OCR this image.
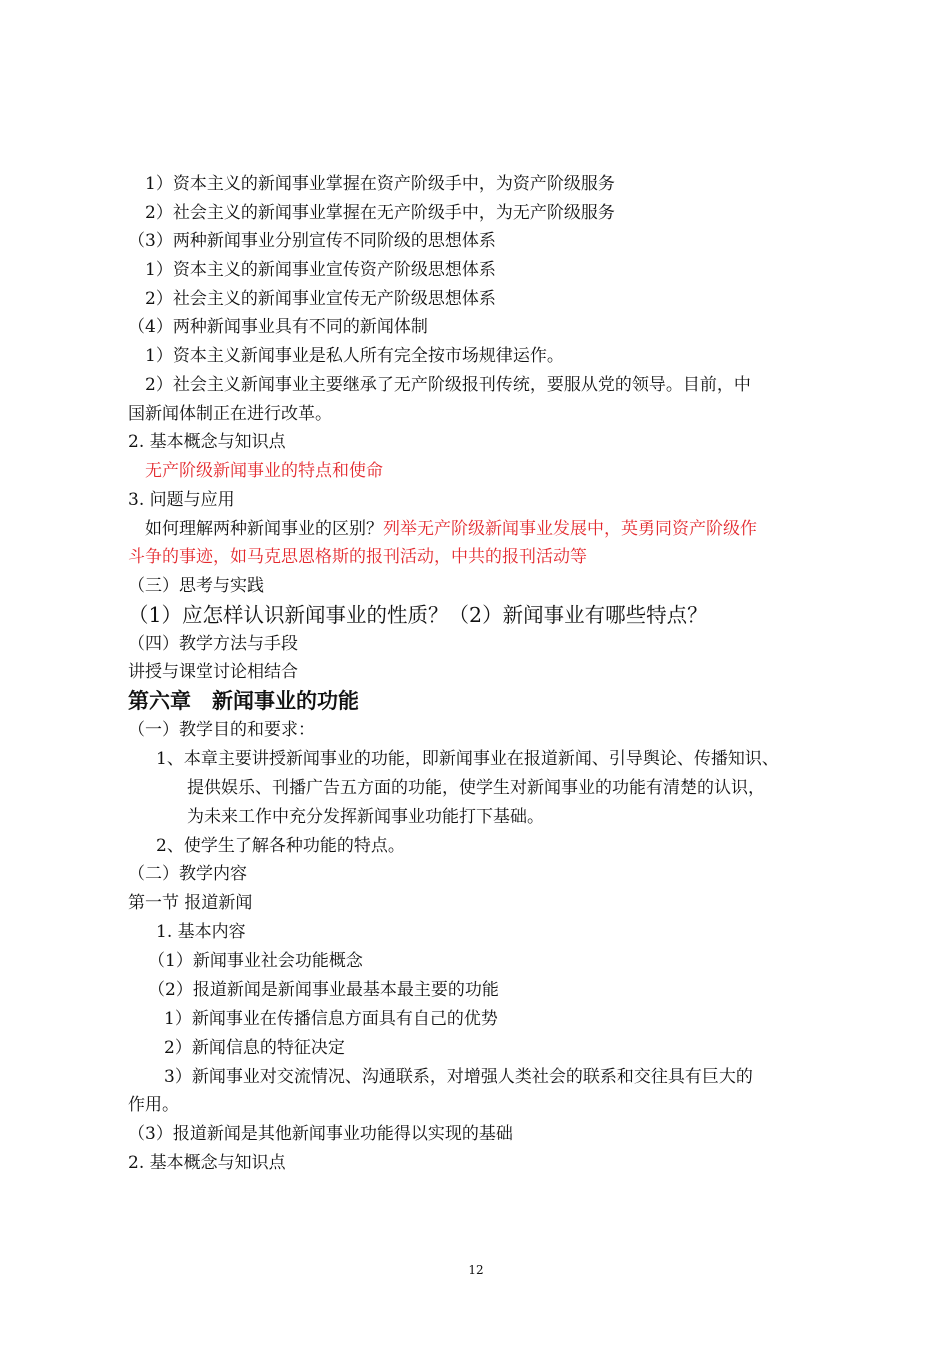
1）资本主义的新闻事业掌握在资产阶级手中，为资产阶级服务
2）社会主义的新闻事业掌握在无产阶级手中，为无产阶级服务
（3）两种新闻事业分别宣传不同阶级的思想体系
1）资本主义的新闻事业宣传资产阶级思想体系
2）社会主义的新闻事业宣传无产阶级思想体系
（4）两种新闻事业具有不同的新闻体制
1）资本主义新闻事业是私人所有完全按市场规律运作。
2）社会主义新闻事业主要继承了无产阶级报刊传统，要服从党的领导。目前，中
国新闻体制正在进行改革。
2. 基本概念与知识点
无产阶级新闻事业的特点和使命
3. 问题与应用
如何理解两种新闻事业的区别？列举无产阶级新闻事业发展中，英勇同资产阶级作
斗争的事迹，如马克思恩格斯的报刊活动，中共的报刊活动等
（三）思考与实践
（1）应怎样认识新闻事业的性质？（2）新闻事业有哪些特点？
（四）教学方法与手段
讲授与课堂讨论相结合
第六章　新闻事业的功能
（一）教学目的和要求：
1、本章主要讲授新闻事业的功能，即新闻事业在报道新闻、引导舆论、传播知识、
提供娱乐、刊播广告五方面的功能，使学生对新闻事业的功能有清楚的认识，
为未来工作中充分发挥新闻事业功能打下基础。
2、使学生了解各种功能的特点。
（二）教学内容
第一节 报道新闻
1. 基本内容
（1）新闻事业社会功能概念
（2）报道新闻是新闻事业最基本最主要的功能
1）新闻事业在传播信息方面具有自己的优势
2）新闻信息的特征决定
3）新闻事业对交流情况、沟通联系，对增强人类社会的联系和交往具有巨大的
作用。
（3）报道新闻是其他新闻事业功能得以实现的基础
2. 基本概念与知识点
12
